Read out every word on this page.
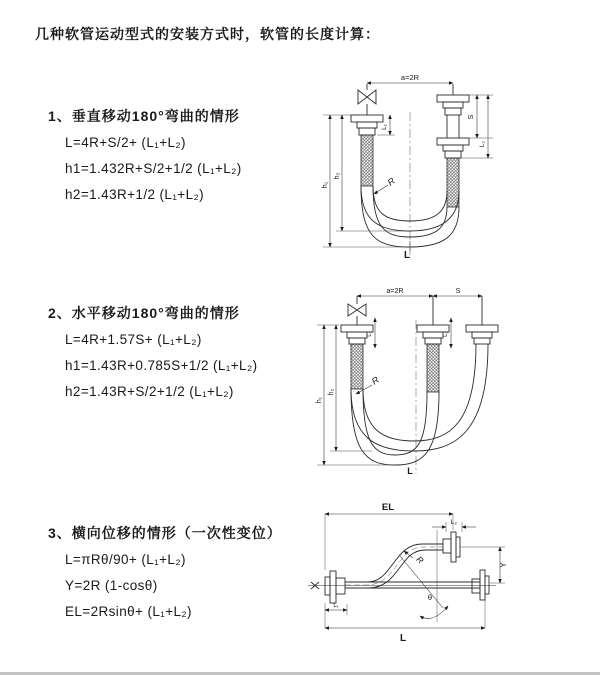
几种软管运动型式的安装方式时，软管的长度计算：
1、垂直移动180°弯曲的情形
L=4R+S/2+ (L₁+L₂)
h1=1.432R+S/2+1/2 (L₁+L₂)
h2=1.43R+1/2 (L₁+L₂)
2、水平移动180°弯曲的情形
L=4R+1.57S+ (L₁+L₂)
h1=1.43R+0.785S+1/2 (L₁+L₂)
h2=1.43R+S/2+1/2 (L₁+L₂)
3、横向位移的情形（一次性变位）
L=πRθ/90+ (L₁+L₂)
Y=2R (1-cosθ)
EL=2Rsinθ+ (L₁+L₂)
R
a=2R
h₁
h₂
L₁
S
L₂
L
R
a=2R	S
h₁
h₂
L₁	L₂
L
R
θ
EL
L₂
Y
L₁
L
